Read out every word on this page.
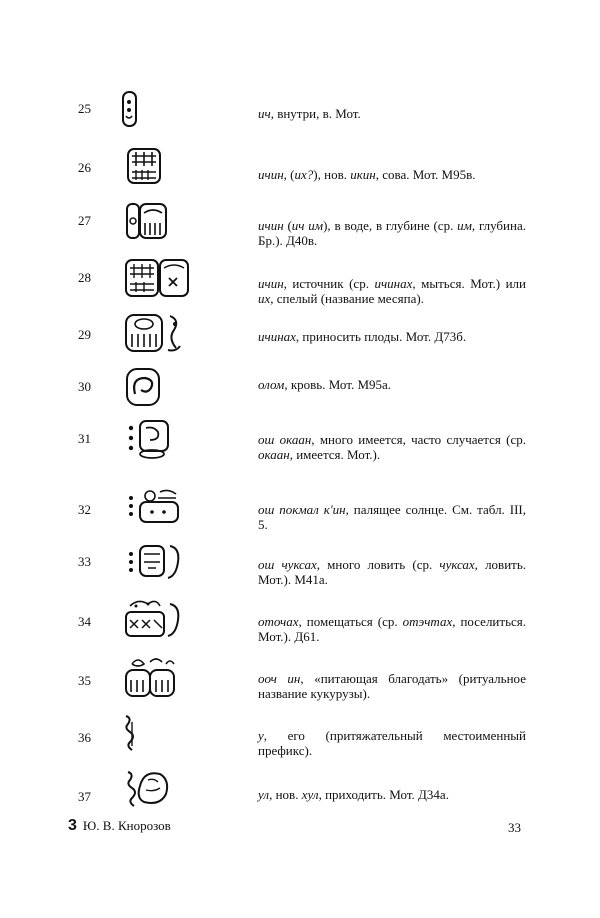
25	ич, внутри, в. Мот.
26	ичин, (их?), нов. икин, сова. Мот. М95в.
27	ичин (ич им), в воде, в глубине (ср. им, глубина. Бр.). Д40в.
28	ичин, источник (ср. ичинах, мыться. Мот.) или их, спелый (название месяпа).
29	ичинах, приносить плоды. Мот. Д73б.
30	олом, кровь. Мот. М95а.
31	ош окаан, много имеется, часто случается (ср. окаан, имеется. Мот.).
32	ош покмал к'ин, палящее солнце. См. табл. III, 5.
33	ош чуксах, много ловить (ср. чуксах, ловить. Мот.). М41а.
34	оточах, помещаться (ср. отэчтах, поселиться. Мот.). Д61.
35	ооч ин, «питающая благодать» (ритуальное название кукурузы).
36	у, его (притяжательный местоименный префикс).
37	ул, нов. хул, приходить. Мот. Д34а.
3 Ю. В. Кнорозов	33
